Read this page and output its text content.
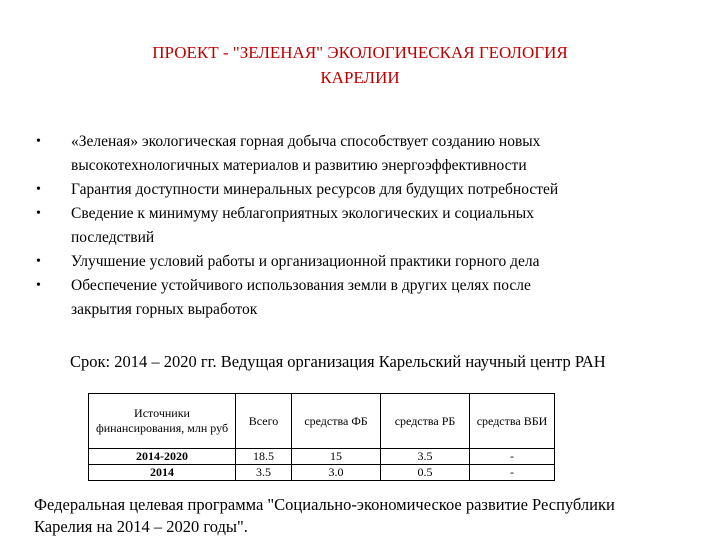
ПРОЕКТ - "ЗЕЛЕНАЯ" ЭКОЛОГИЧЕСКАЯ ГЕОЛОГИЯ
КАРЕЛИИ
• «Зеленая» экологическая горная добыча способствует созданию новых
высокотехнологичных материалов и развитию энергоэффективности
• Гарантия доступности минеральных ресурсов для будущих потребностей
• Сведение к минимуму неблагоприятных экологических и социальных
последствий
• Улучшение условий работы и организационной практики горного дела
• Обеспечение устойчивого использования земли в других целях после
закрытия горных выработок
Срок: 2014 – 2020 гг. Ведущая организация Карельский научный центр РАН
Источники финансирования, млн руб	Всего	средства ФБ	средства РБ	средства ВБИ
2014-2020	18.5	15	3.5	-
2014	3.5	3.0	0.5	-
Федеральная целевая программа "Социально-экономическое развитие Республики
Карелия на 2014 – 2020 годы".
